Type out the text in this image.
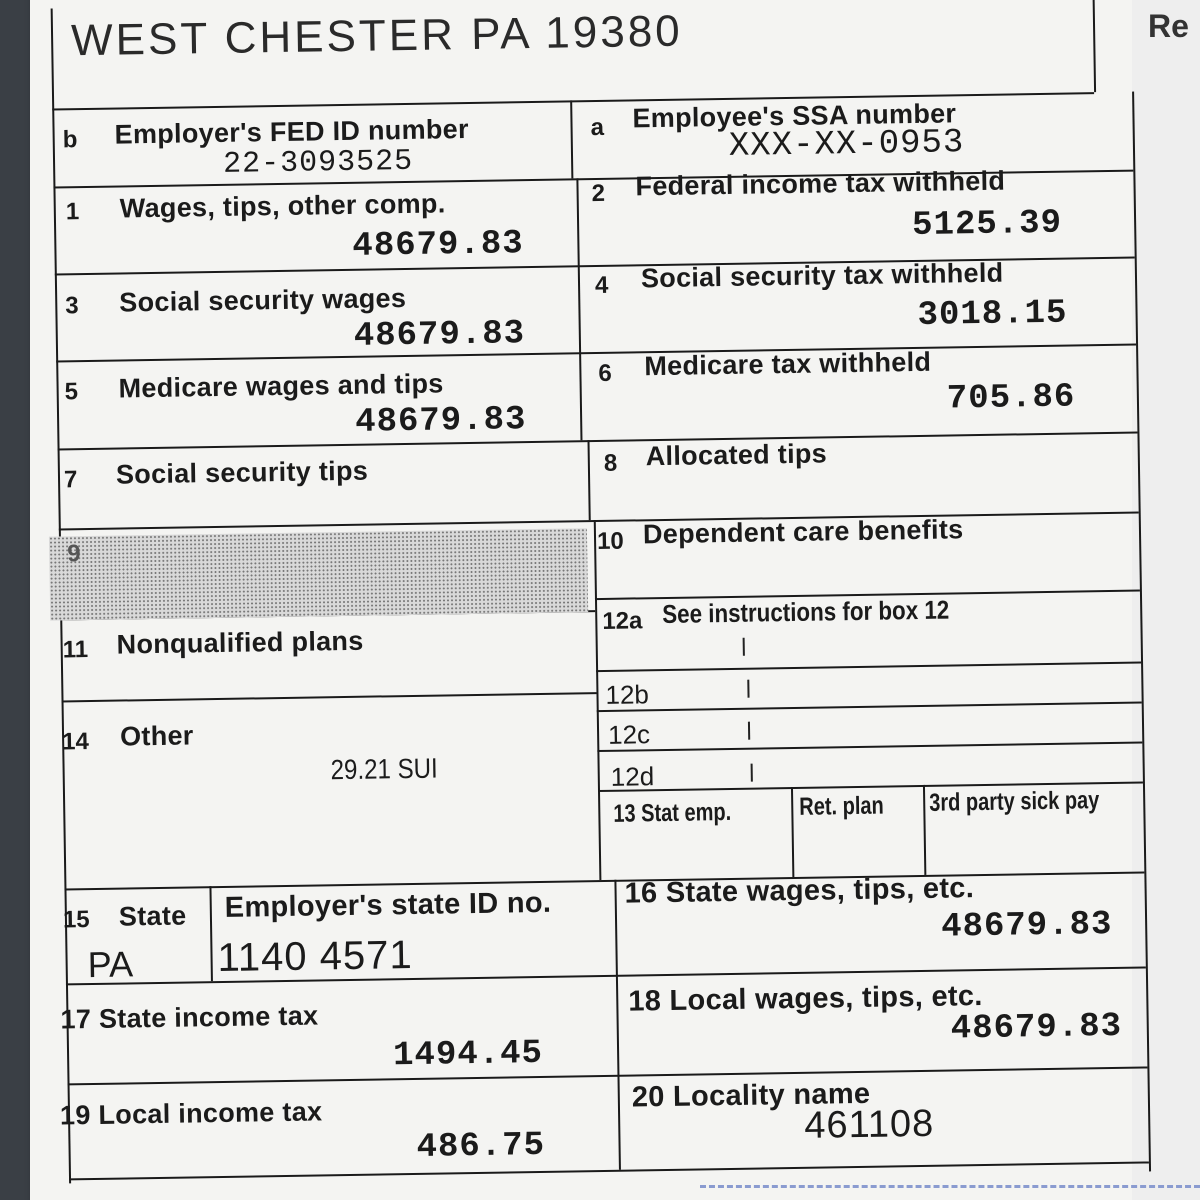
Re
WEST CHESTER PA 19380
9
b Employer's FED ID number
22-3093525
a Employee's SSA number
XXX-XX-0953
1 Wages, tips, other comp.
48679.83
2 Federal income tax withheld
5125.39
3 Social security wages
48679.83
4 Social security tax withheld
3018.15
5 Medicare wages and tips
48679.83
6 Medicare tax withheld
705.86
7 Social security tips	8 Allocated tips
10 Dependent care benefits
11 Nonqualified plans
12a See instructions for box 12
12b
12c
12d
13 Stat emp.	Ret. plan 3rd party sick pay
14 Other
29.21 SUI
15 State
PA
Employer's state ID no.
1140 4571
16 State wages, tips, etc.
48679.83
17 State income tax
1494.45
18 Local wages, tips, etc.
48679.83
19 Local income tax
486.75
20 Locality name
461108
